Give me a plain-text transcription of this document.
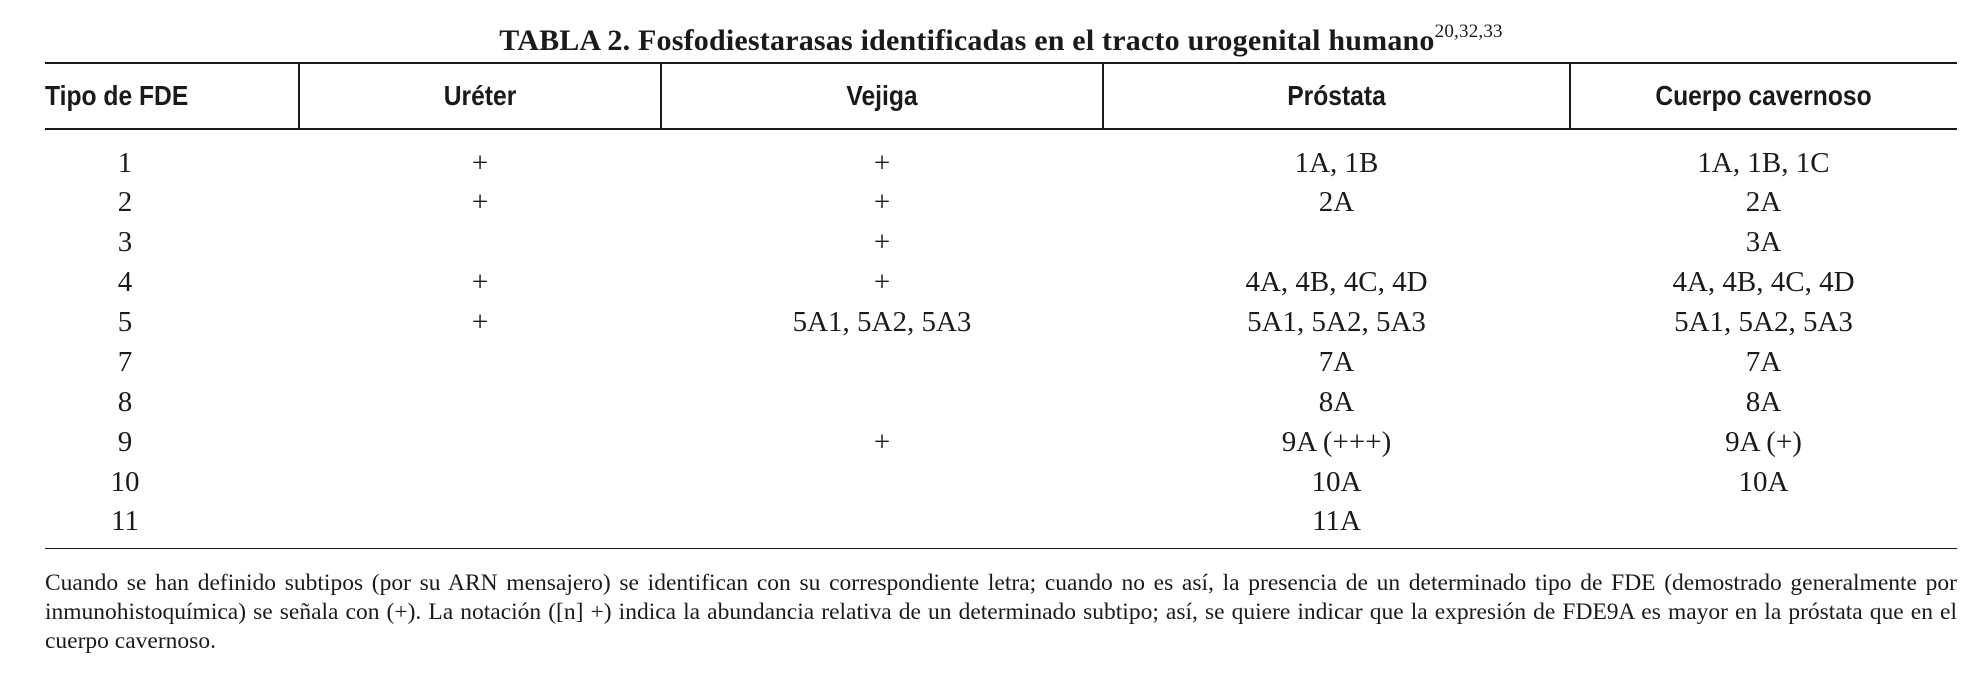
TABLA 2. Fosfodiestarasas identificadas en el tracto urogenital humano$^{20,32,33}$
Tipo de FDE	Uréter	Vejiga	Próstata	Cuerpo cavernoso
1	+	+	1A, 1B	1A, 1B, 1C
2	+	+	2A	2A
3		+		3A
4	+	+	4A, 4B, 4C, 4D	4A, 4B, 4C, 4D
5	+	5A1, 5A2, 5A3	5A1, 5A2, 5A3	5A1, 5A2, 5A3
7			7A	7A
8			8A	8A
9		+	9A (+++)	9A (+)
10			10A	10A
11			11A	
Cuando se han definido subtipos (por su ARN mensajero) se identifican con su correspondiente letra; cuando no es así, la presencia de un determinado tipo de FDE (demostrado generalmente por inmunohistoquímica) se señala con (+). La notación ([n] +) indica la abundancia relativa de un determinado subtipo; así, se quiere indicar que la expresión de FDE9A es mayor en la próstata que en el cuerpo cavernoso.
